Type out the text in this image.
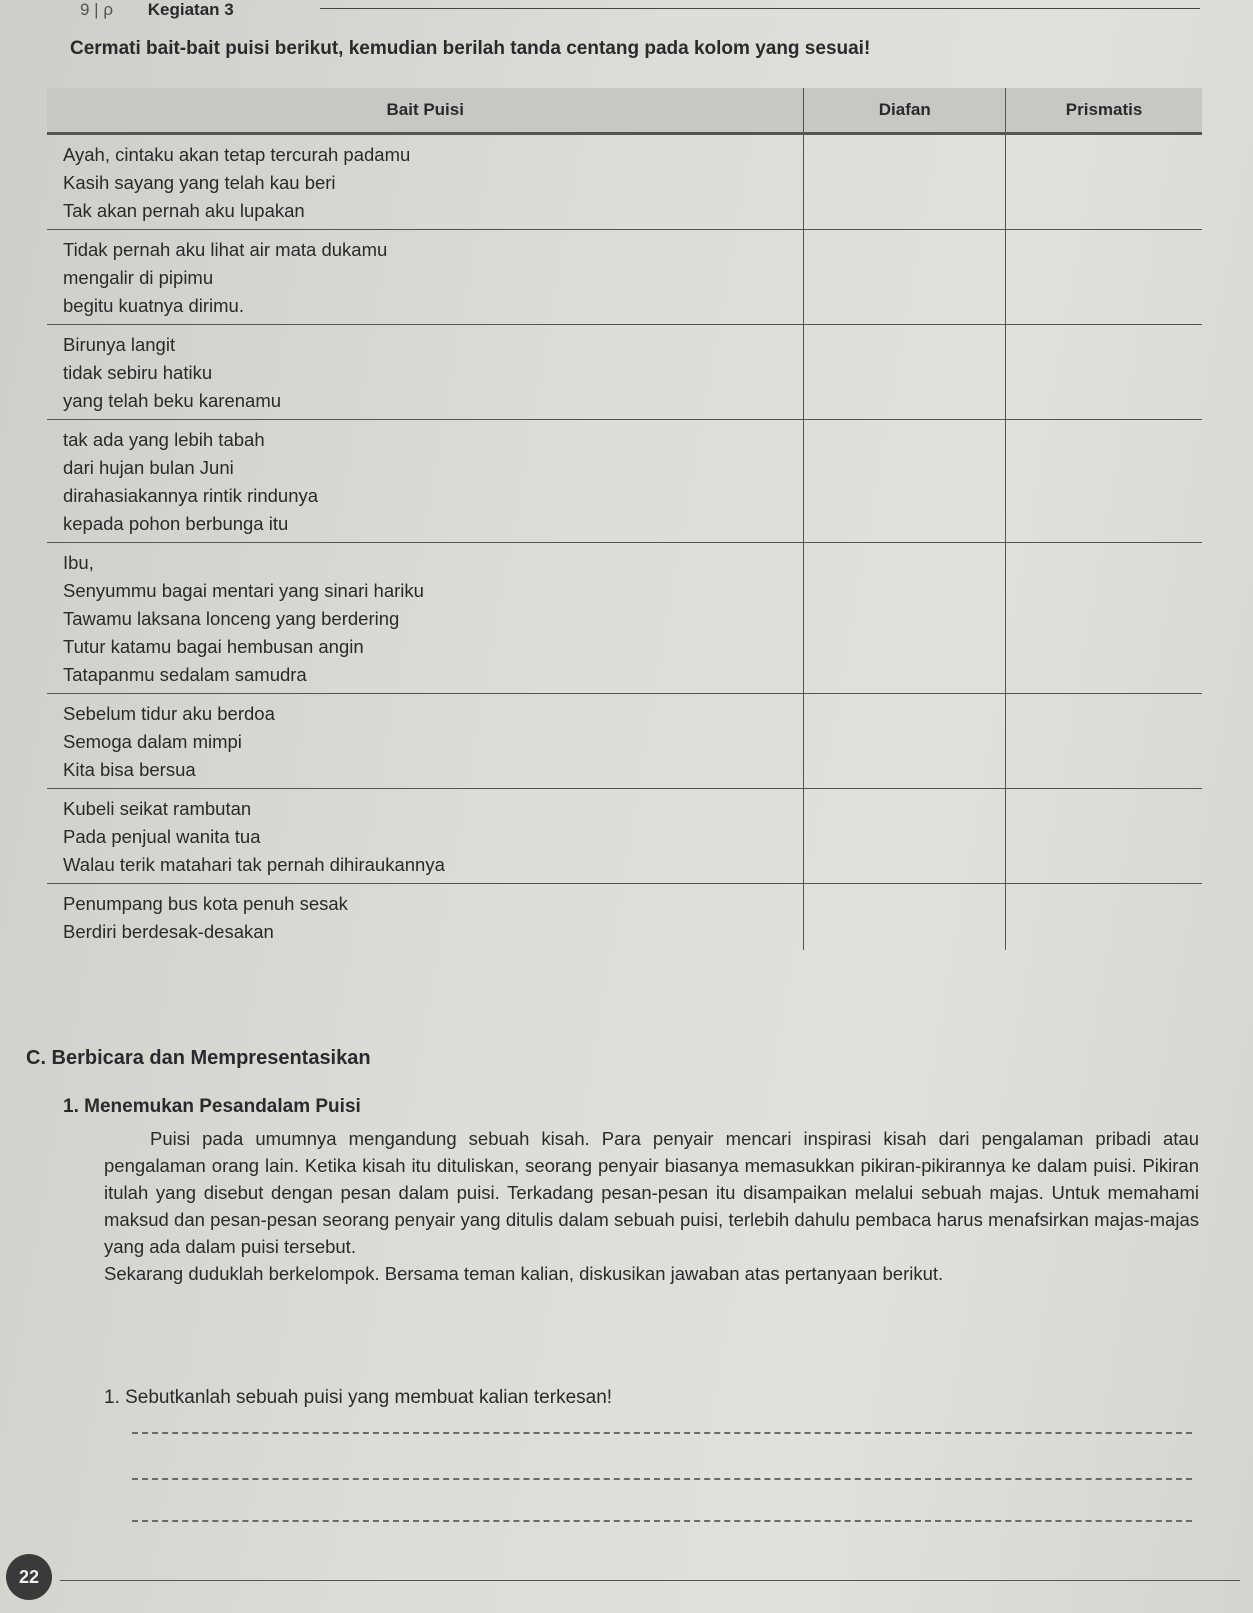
9 | ρ Kegiatan 3
Cermati bait-bait puisi berikut, kemudian berilah tanda centang pada kolom yang sesuai!
Bait Puisi	Diafan	Prismatis

Ayah, cintaku akan tetap tercurah padamu
Kasih sayang yang telah kau beri
Tak akan pernah aku lupakan		

Tidak pernah aku lihat air mata dukamu
mengalir di pipimu
begitu kuatnya dirimu.		

Birunya langit
tidak sebiru hatiku
yang telah beku karenamu		

tak ada yang lebih tabah
dari hujan bulan Juni
dirahasiakannya rintik rindunya
kepada pohon berbunga itu		

Ibu,
Senyummu bagai mentari yang sinari hariku
Tawamu laksana lonceng yang berdering
Tutur katamu bagai hembusan angin
Tatapanmu sedalam samudra		

Sebelum tidur aku berdoa
Semoga dalam mimpi
Kita bisa bersua		

Kubeli seikat rambutan
Pada penjual wanita tua
Walau terik matahari tak pernah dihiraukannya		

Penumpang bus kota penuh sesak
Berdiri berdesak-desakan		

C. Berbicara dan Mempresentasikan
1. Menemukan Pesandalam Puisi

Puisi pada umumnya mengandung sebuah kisah. Para penyair mencari inspirasi kisah dari pengalaman pribadi atau pengalaman orang lain. Ketika kisah itu dituliskan, seorang penyair biasanya memasukkan pikiran-pikirannya ke dalam puisi. Pikiran itulah yang disebut dengan pesan dalam puisi. Terkadang pesan-pesan itu disampaikan melalui sebuah majas. Untuk memahami maksud dan pesan-pesan seorang penyair yang ditulis dalam sebuah puisi, terlebih dahulu pembaca harus menafsirkan majas-majas yang ada dalam puisi tersebut.

Sekarang duduklah berkelompok. Bersama teman kalian, diskusikan jawaban atas pertanyaan berikut.

1. Sebutkanlah sebuah puisi yang membuat kalian terkesan!
22
